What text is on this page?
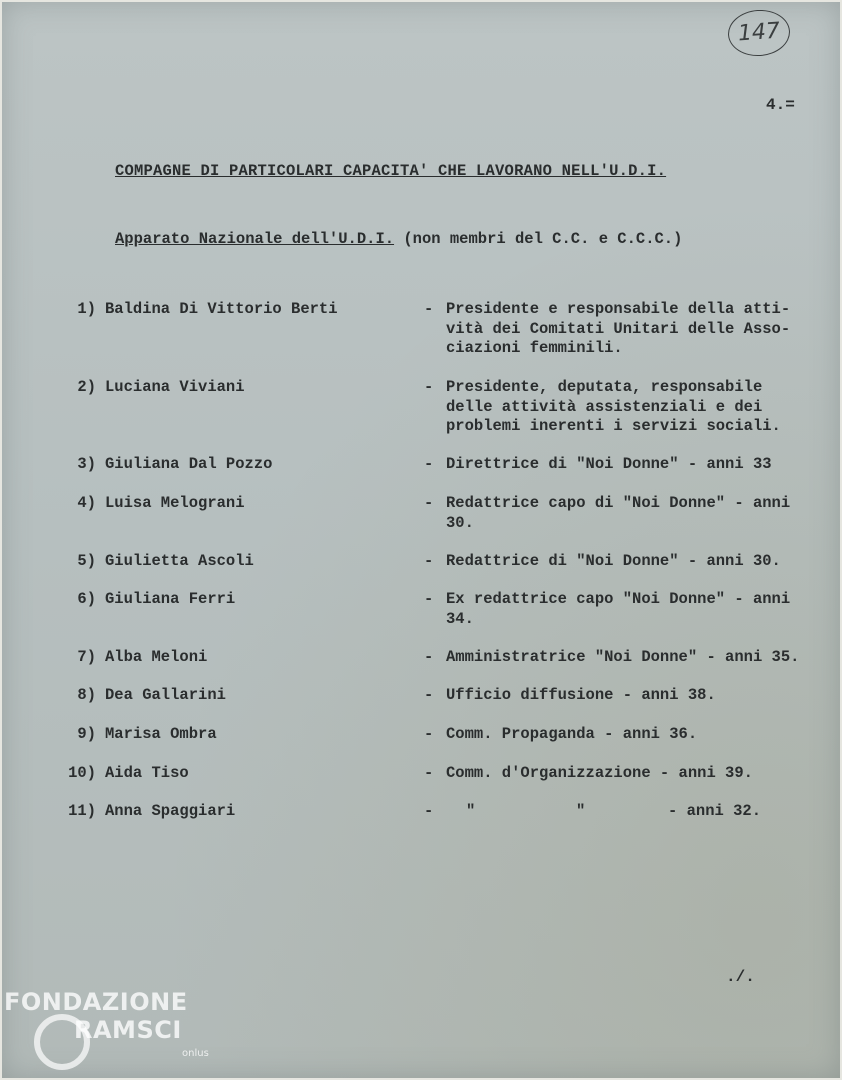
147
4.=
COMPAGNE DI PARTICOLARI CAPACITA' CHE LAVORANO NELL'U.D.I.
Apparato Nazionale dell'U.D.I. (non membri del C.C. e C.C.C.)
1) Baldina Di Vittorio Berti	- Presidente e responsabile della atti-
vità dei Comitati Unitari delle Asso-
ciazioni femminili.
2) Luciana Viviani	- Presidente, deputata, responsabile
delle attività assistenziali e dei
problemi inerenti i servizi sociali.
3) Giuliana Dal Pozzo	- Direttrice di "Noi Donne" - anni 33
4) Luisa Melograni	- Redattrice capo di "Noi Donne" - anni
30.
5) Giulietta Ascoli	- Redattrice di "Noi Donne" - anni 30.
6) Giuliana Ferri	- Ex redattrice capo "Noi Donne" - anni
34.
7) Alba Meloni	- Amministratrice "Noi Donne" - anni 35.
8) Dea Gallarini	- Ufficio diffusione - anni 38.
9) Marisa Ombra	- Comm. Propaganda - anni 36.
10) Aida Tiso	- Comm. d'Organizzazione - anni 39.
11) Anna Spaggiari	- "	"	- anni 32.
./.
FONDAZIONE
RAMSCI
onlus
